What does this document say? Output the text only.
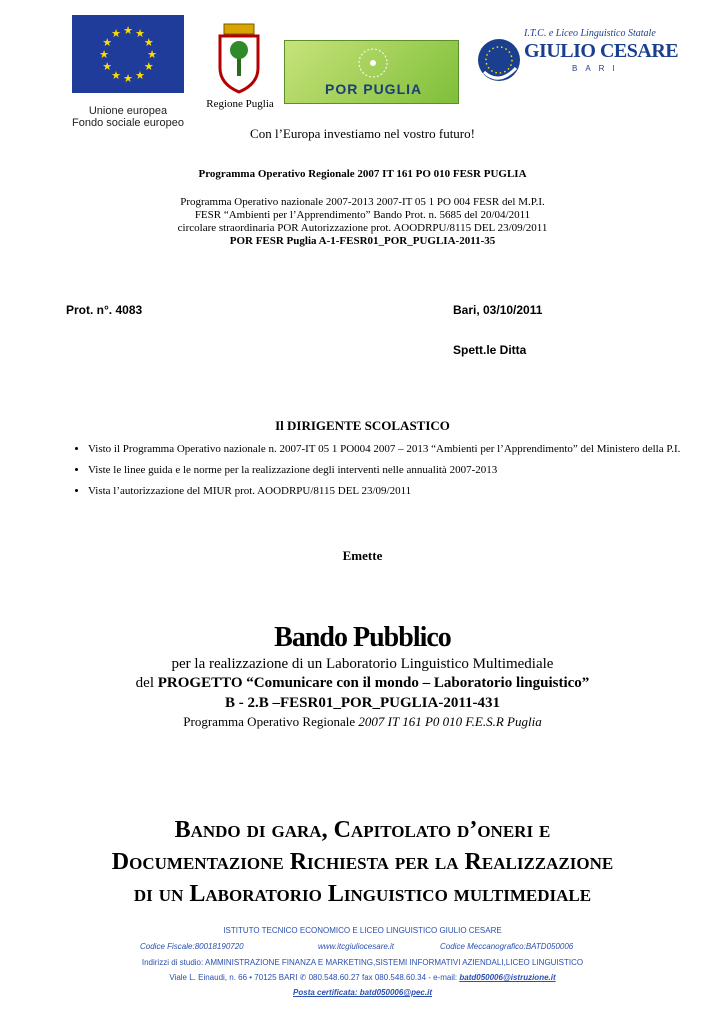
★
★
★
★
★
★
★
★
★ ★ ★
★
Unione europea
Fondo sociale europeo
Regione Puglia
POR PUGLIA
I.T.C. e Liceo Linguistico Statale
GIULIO CESARE
BARI
Con l’Europa investiamo nel vostro futuro!
Programma Operativo Regionale 2007 IT 161 PO 010 FESR PUGLIA
Programma Operativo nazionale 2007-2013 2007-IT 05 1 PO 004 FESR del M.P.I.
FESR “Ambienti per l’Apprendimento” Bando Prot. n. 5685 del 20/04/2011
circolare straordinaria POR Autorizzazione prot. AOODRPU/8115 DEL 23/09/2011
POR FESR Puglia A-1-FESR01_POR_PUGLIA-2011-35
Prot. n°. 4083	Bari, 03/10/2011
Spett.le Ditta
Il DIRIGENTE SCOLASTICO
• Visto il Programma Operativo nazionale n. 2007-IT 05 1 PO004 2007 – 2013 “Ambienti per l’Apprendimento” del Ministero della P.I.
• Viste le linee guida e le norme per la realizzazione degli interventi nelle annualità 2007-2013
• Vista l’autorizzazione del MIUR prot. AOODRPU/8115 DEL 23/09/2011
Emette
Bando Pubblico
per la realizzazione di un Laboratorio Linguistico Multimediale
del PROGETTO “Comunicare con il mondo – Laboratorio linguistico”
B - 2.B –FESR01_POR_PUGLIA-2011-431
Programma Operativo Regionale 2007 IT 161 P0 010 F.E.S.R Puglia
Bando di gara, Capitolato d’oneri e
Documentazione Richiesta per la Realizzazione
di un Laboratorio Linguistico multimediale
ISTITUTO TECNICO ECONOMICO E LICEO LINGUISTICO GIULIO CESARE
Codice Fiscale:80018190720	www.itcgiuliocesare.it	Codice Meccanografico:BATD050006
Indirizzi di studio: AMMINISTRAZIONE FINANZA E MARKETING,SISTEMI INFORMATIVI AZIENDALI,LICEO LINGUISTICO
Viale L. Einaudi, n. 66 • 70125 BARI ✆ 080.548.60.27 fax 080.548.60.34 - e-mail: batd050006@istruzione.it
Posta certificata: batd050006@pec.it
